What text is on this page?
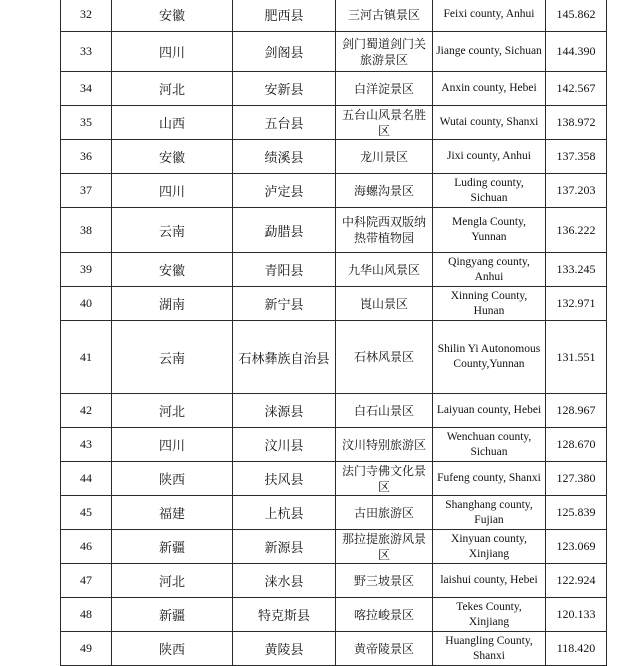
32	安徽	肥西县	三河古镇景区	Feixi county, Anhui	145.862
33	四川	剑阁县	剑门蜀道剑门关旅游景区	Jiange county, Sichuan	144.390
34	河北	安新县	白洋淀景区	Anxin county, Hebei	142.567
35	山西	五台县	五台山风景名胜区	Wutai county, Shanxi	138.972
36	安徽	绩溪县	龙川景区	Jixi county, Anhui	137.358
37	四川	泸定县	海螺沟景区	Luding county, Sichuan	137.203
38	云南	勐腊县	中科院西双版纳热带植物园	Mengla County, Yunnan	136.222
39	安徽	青阳县	九华山风景区	Qingyang county, Anhui	133.245
40	湖南	新宁县	崀山景区	Xinning County, Hunan	132.971
41	云南	石林彝族自治县	石林风景区	Shilin Yi Autonomous County,Yunnan	131.551
42	河北	涞源县	白石山景区	Laiyuan county, Hebei	128.967
43	四川	汶川县	汶川特别旅游区	Wenchuan county, Sichuan	128.670
44	陕西	扶风县	法门寺佛文化景区	Fufeng county, Shanxi	127.380
45	福建	上杭县	古田旅游区	Shanghang county, Fujian	125.839
46	新疆	新源县	那拉提旅游风景区	Xinyuan county, Xinjiang	123.069
47	河北	涞水县	野三坡景区	laishui county, Hebei	122.924
48	新疆	特克斯县	喀拉峻景区	Tekes County, Xinjiang	120.133
49	陕西	黄陵县	黄帝陵景区	Huangling County, Shanxi	118.420
